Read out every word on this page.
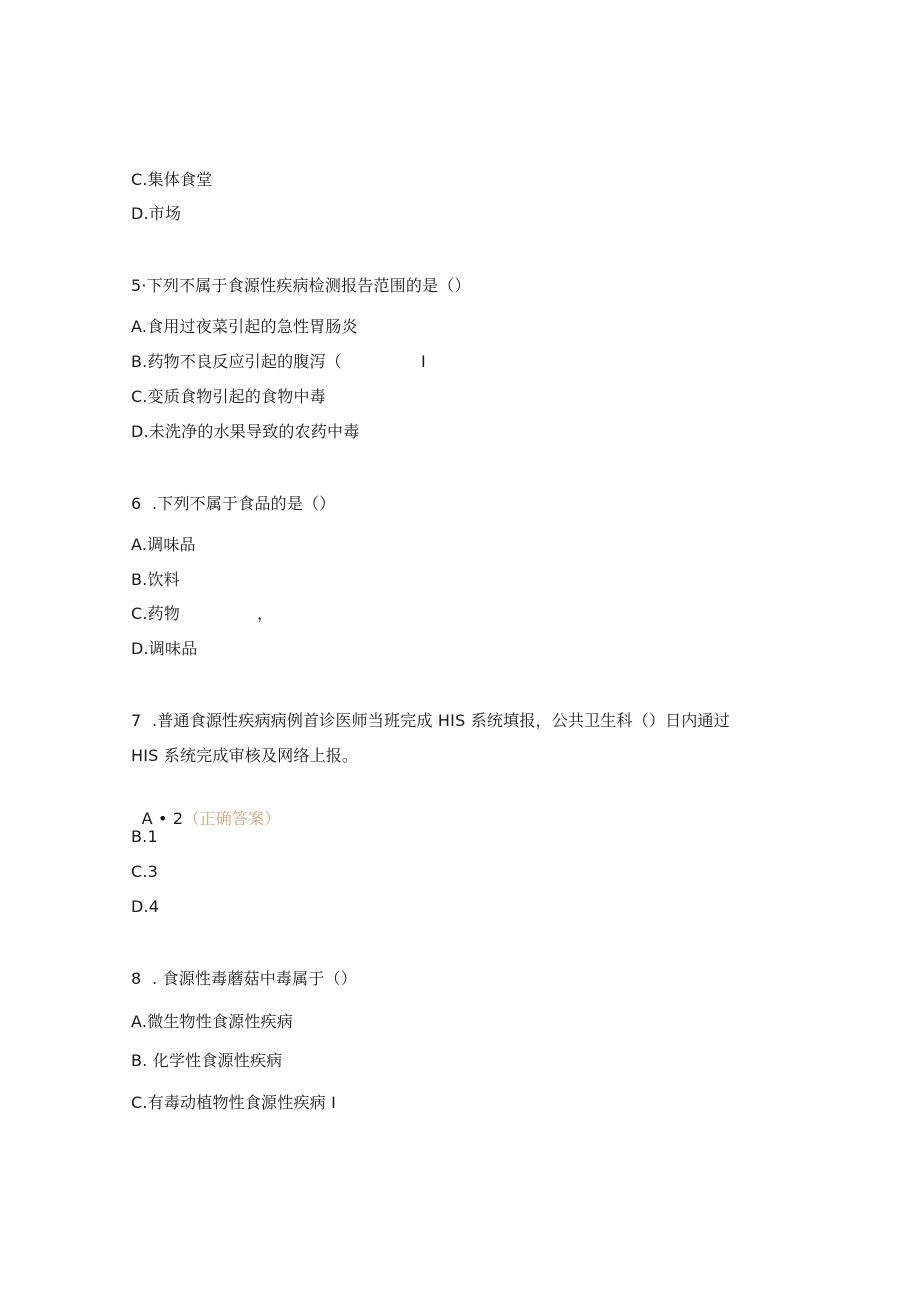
C.集体食堂
D.市场
5·下列不属于食源性疾病检测报告范围的是（）
A.食用过夜菜引起的急性胃肠炎
B.药物不良反应引起的腹泻（	I
C.变质食物引起的食物中毒
D.未洗净的水果导致的农药中毒
6  .下列不属于食品的是（）
A.调味品
B.饮料
C.药物	，
D.调味品
7  .普通食源性疾病病例首诊医师当班完成 HIS 系统填报，公共卫生科（）日内通过
HIS 系统完成审核及网络上报。

A • 2（正确答案）

B.1
C.3
D.4
8  . 食源性毒蘑菇中毒属于（）
A.微生物性食源性疾病
B. 化学性食源性疾病
C.有毒动植物性食源性疾病 I
